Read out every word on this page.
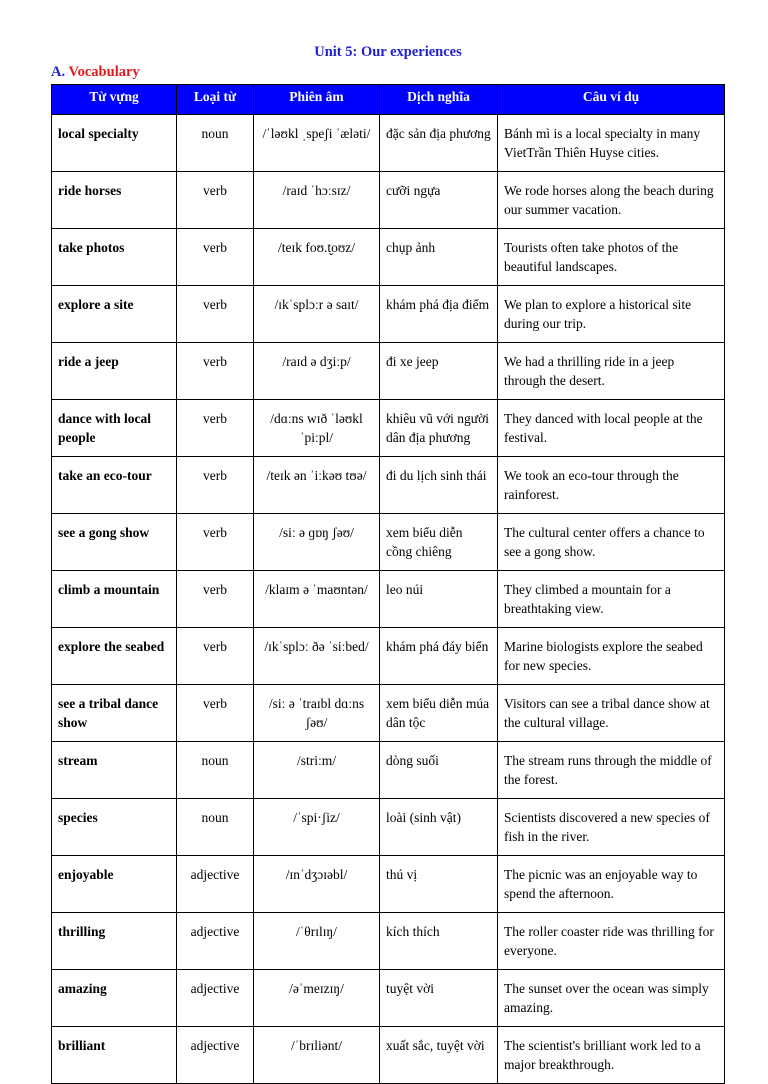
Unit 5: Our experiences
A. Vocabulary
Từ vựng	Loại từ	Phiên âm	Dịch nghĩa	Câu ví dụ
local specialty	noun	/ˈləʊkl ˌspeʃi ˈæləti/	đặc sản địa phương	Bánh mì is a local specialty in many VietTrần Thiên Huyse cities.
ride horses	verb	/raɪd ˈhɔːsɪz/	cưỡi ngựa	We rode horses along the beach during our summer vacation.
take photos	verb	/teɪk foʊ.t̬oʊz/	chụp ảnh	Tourists often take photos of the beautiful landscapes.
explore a site	verb	/ɪkˈsplɔːr ə saɪt/	khám phá địa điểm	We plan to explore a historical site during our trip.
ride a jeep	verb	/raɪd ə dʒiːp/	đi xe jeep	We had a thrilling ride in a jeep through the desert.
dance with local people	verb	/dɑːns wɪð ˈləʊkl ˈpiːpl/	khiêu vũ với người dân địa phương	They danced with local people at the festival.
take an eco-tour	verb	/teɪk ən ˈiːkəʊ tʊə/	đi du lịch sinh thái	We took an eco-tour through the rainforest.
see a gong show	verb	/siː ə ɡɒŋ ʃəʊ/	xem biểu diễn cồng chiêng	The cultural center offers a chance to see a gong show.
climb a mountain	verb	/klaɪm ə ˈmaʊntən/	leo núi	They climbed a mountain for a breathtaking view.
explore the seabed	verb	/ɪkˈsplɔː ðə ˈsiːbed/	khám phá đáy biển	Marine biologists explore the seabed for new species.
see a tribal dance show	verb	/siː ə ˈtraɪbl dɑːns ʃəʊ/	xem biểu diễn múa dân tộc	Visitors can see a tribal dance show at the cultural village.
stream	noun	/striːm/	dòng suối	The stream runs through the middle of the forest.
species	noun	/ˈspi·ʃiz/	loài (sinh vật)	Scientists discovered a new species of fish in the river.
enjoyable	adjective	/ɪnˈdʒɔɪəbl/	thú vị	The picnic was an enjoyable way to spend the afternoon.
thrilling	adjective	/ˈθrɪlɪŋ/	kích thích	The roller coaster ride was thrilling for everyone.
amazing	adjective	/əˈmeɪzɪŋ/	tuyệt vời	The sunset over the ocean was simply amazing.
brilliant	adjective	/ˈbrɪliənt/	xuất sắc, tuyệt vời	The scientist's brilliant work led to a major breakthrough.
